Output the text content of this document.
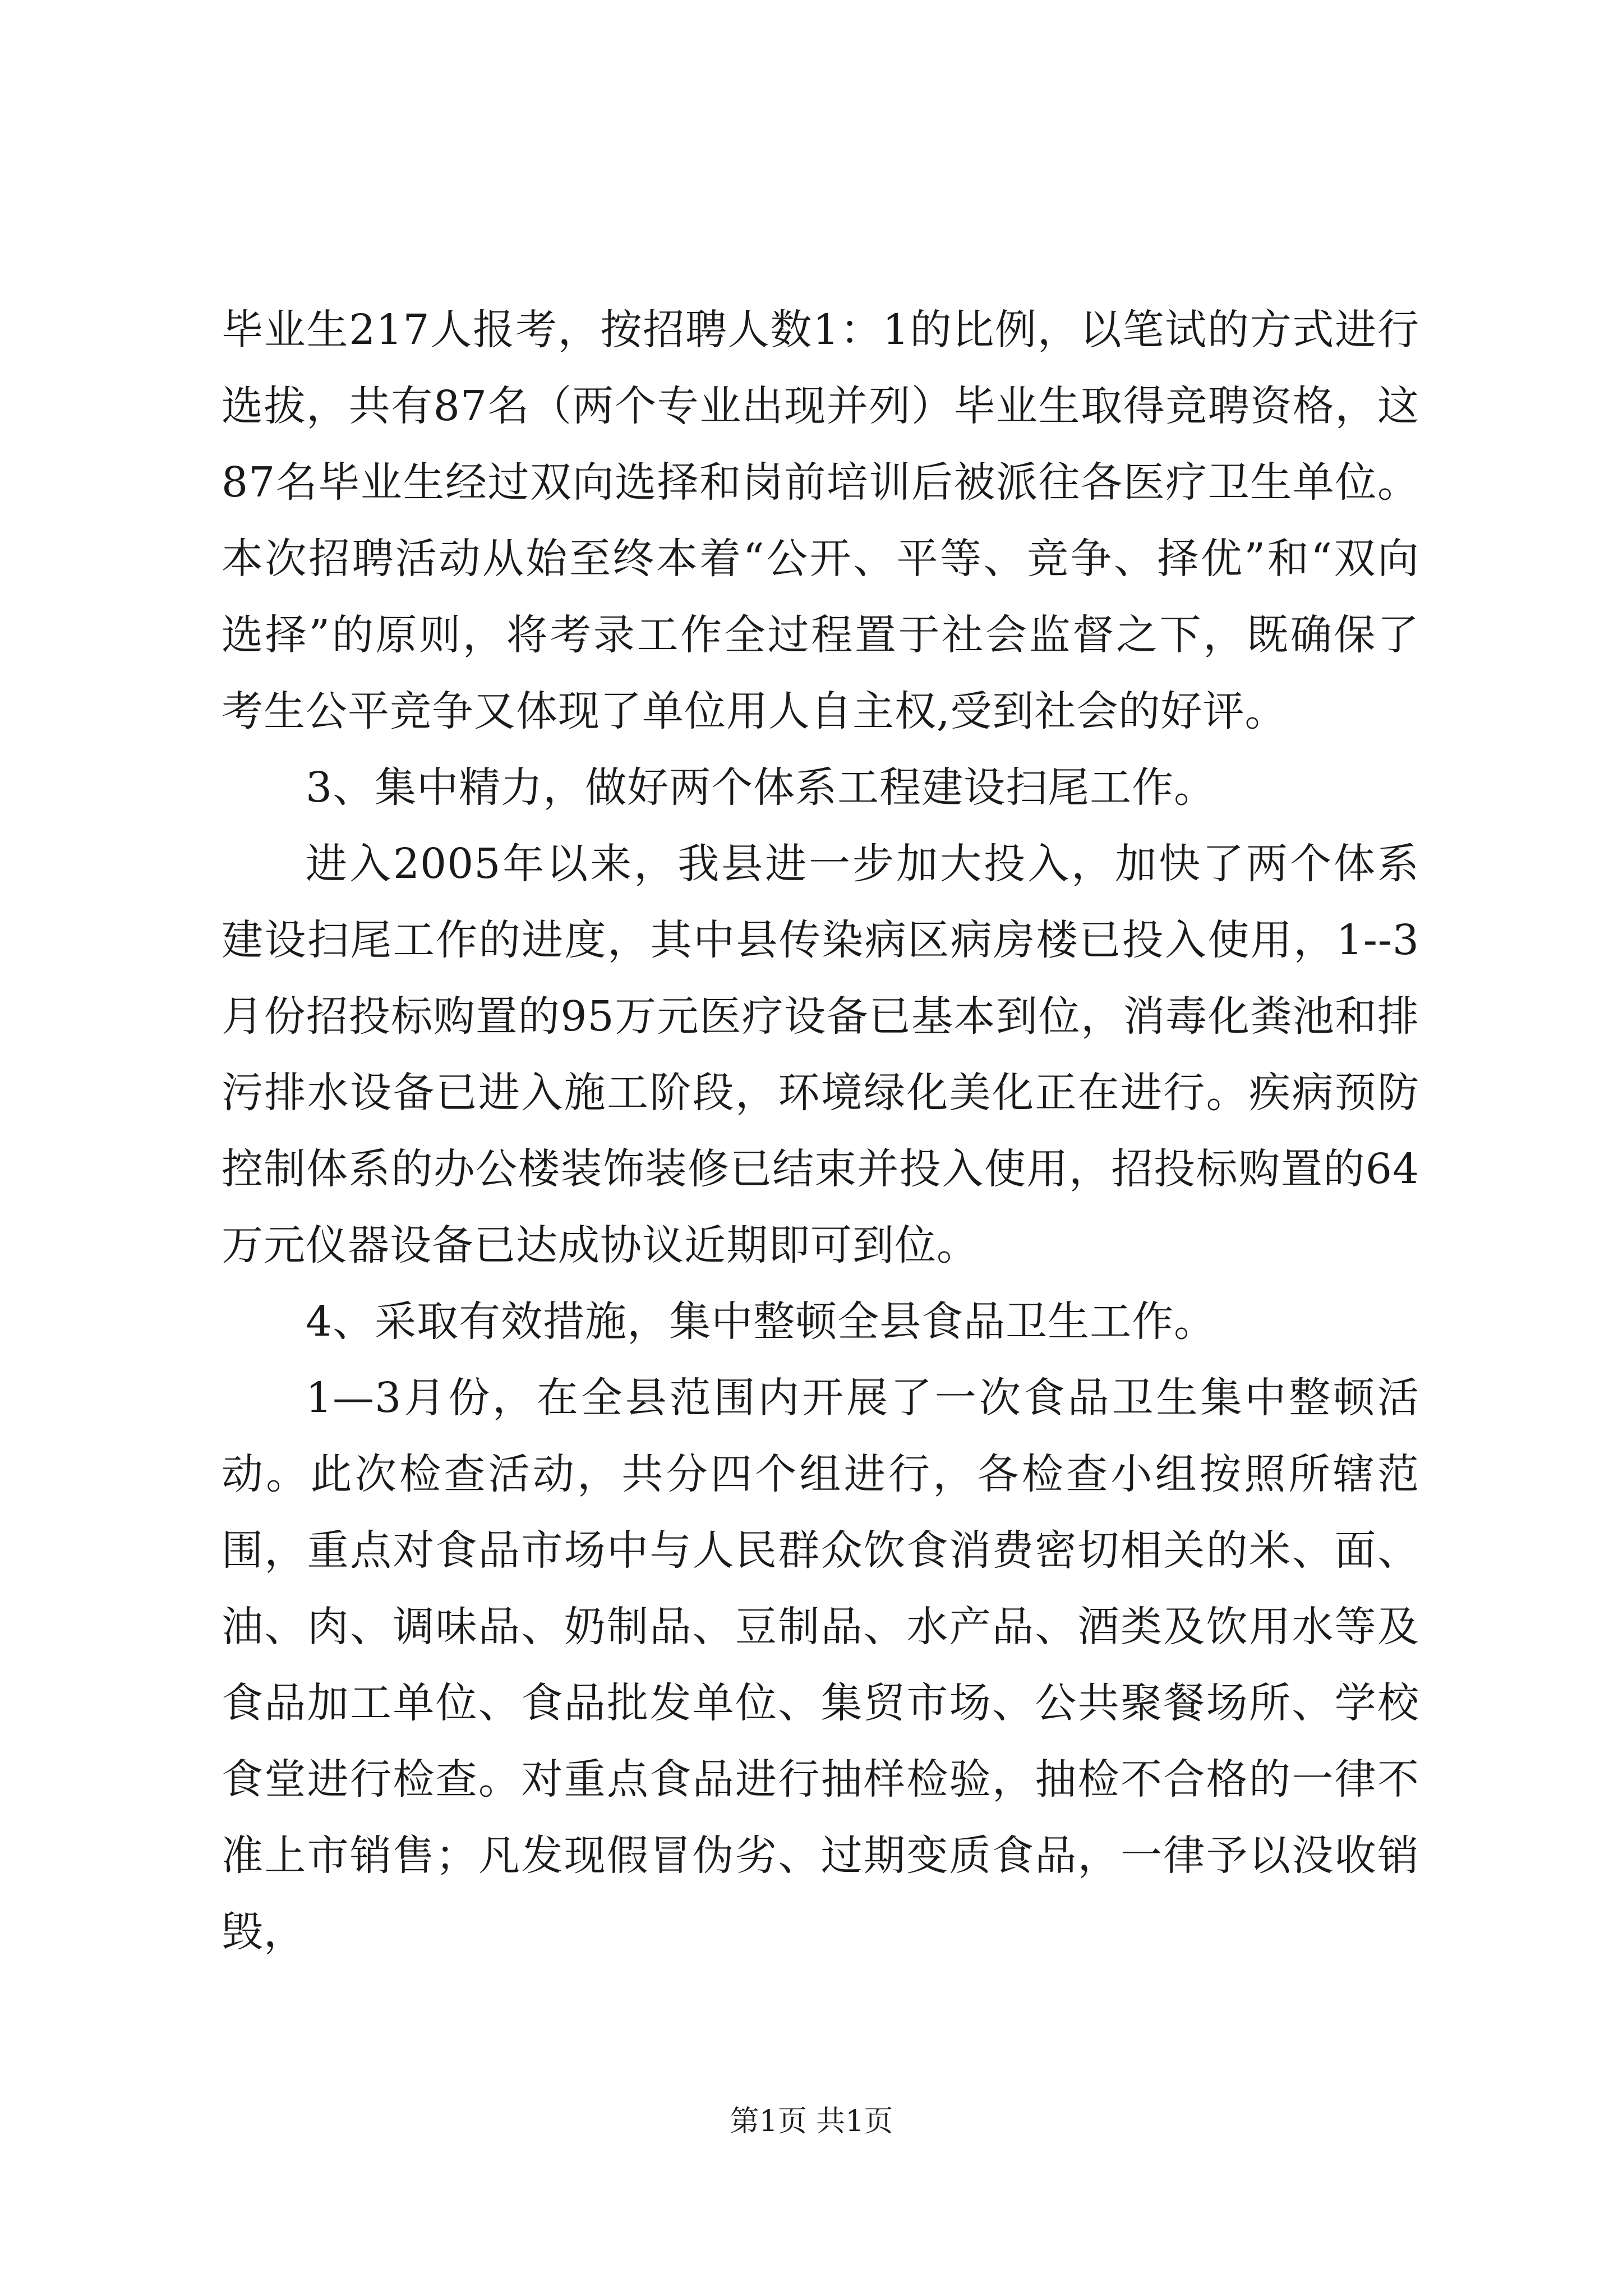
毕业生217人报考，按招聘人数1：1的比例，以笔试的方式进行选拔，共有87名（两个专业出现并列）毕业生取得竞聘资格，这87名毕业生经过双向选择和岗前培训后被派往各医疗卫生单位。本次招聘活动从始至终本着“公开、平等、竞争、择优”和“双向选择”的原则，将考录工作全过程置于社会监督之下，既确保了考生公平竞争又体现了单位用人自主权,受到社会的好评。

3、集中精力，做好两个体系工程建设扫尾工作。

进入2005年以来，我县进一步加大投入，加快了两个体系建设扫尾工作的进度，其中县传染病区病房楼已投入使用，1--3月份招投标购置的95万元医疗设备已基本到位，消毒化粪池和排污排水设备已进入施工阶段，环境绿化美化正在进行。疾病预防控制体系的办公楼装饰装修已结束并投入使用，招投标购置的64万元仪器设备已达成协议近期即可到位。

4、采取有效措施，集中整顿全县食品卫生工作。

1—3月份，在全县范围内开展了一次食品卫生集中整顿活动。此次检查活动，共分四个组进行，各检查小组按照所辖范围，重点对食品市场中与人民群众饮食消费密切相关的米、面、油、肉、调味品、奶制品、豆制品、水产品、酒类及饮用水等及食品加工单位、食品批发单位、集贸市场、公共聚餐场所、学校食堂进行检查。对重点食品进行抽样检验，抽检不合格的一律不准上市销售；凡发现假冒伪劣、过期变质食品，一律予以没收销毁，

第1页 共1页
